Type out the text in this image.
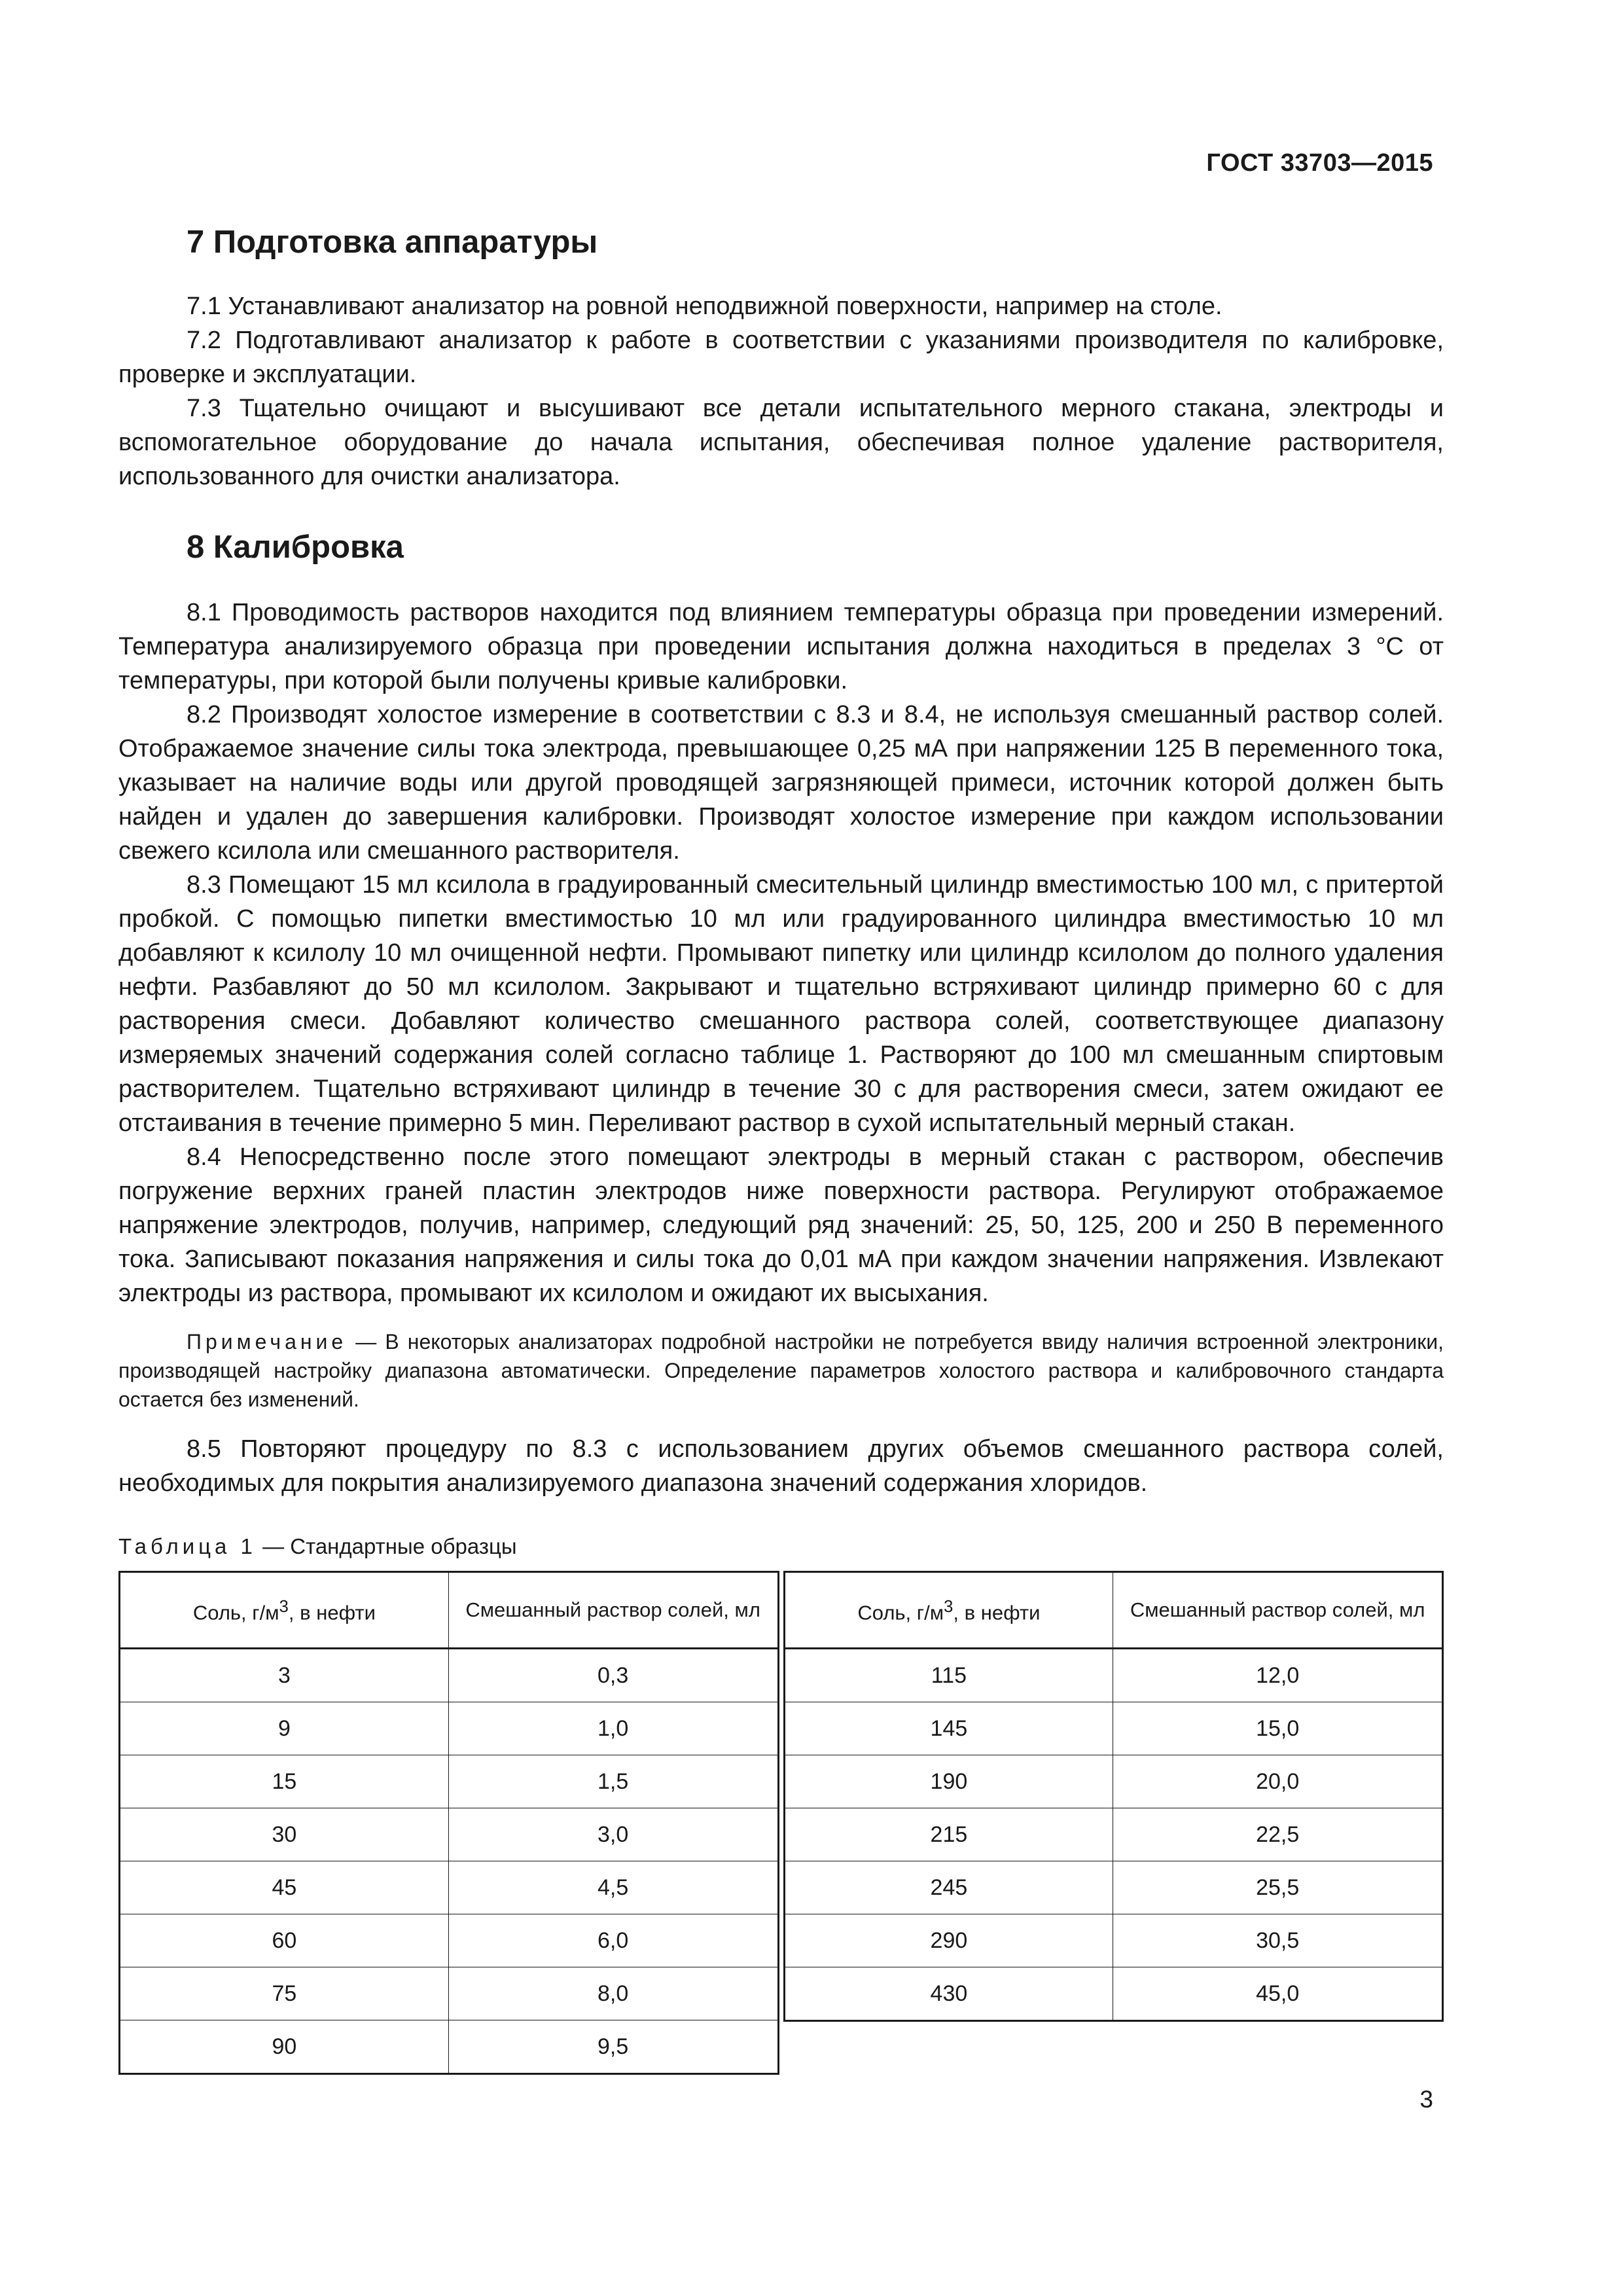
ГОСТ 33703—2015
7 Подготовка аппаратуры

7.1 Устанавливают анализатор на ровной неподвижной поверхности, например на столе.

7.2 Подготавливают анализатор к работе в соответствии с указаниями производителя по калибровке, проверке и эксплуатации.

7.3 Тщательно очищают и высушивают все детали испытательного мерного стакана, электроды и вспомогательное оборудование до начала испытания, обеспечивая полное удаление растворителя, использованного для очистки анализатора.

8 Калибровка

8.1 Проводимость растворов находится под влиянием температуры образца при проведении измерений. Температура анализируемого образца при проведении испытания должна находиться в пределах 3 °С от температуры, при которой были получены кривые калибровки.

8.2 Производят холостое измерение в соответствии с 8.3 и 8.4, не используя смешанный раствор солей. Отображаемое значение силы тока электрода, превышающее 0,25 мА при напряжении 125 В переменного тока, указывает на наличие воды или другой проводящей загрязняющей примеси, источник которой должен быть найден и удален до завершения калибровки. Производят холостое измерение при каждом использовании свежего ксилола или смешанного растворителя.

8.3 Помещают 15 мл ксилола в градуированный смесительный цилиндр вместимостью 100 мл, с притертой пробкой. С помощью пипетки вместимостью 10 мл или градуированного цилиндра вместимостью 10 мл добавляют к ксилолу 10 мл очищенной нефти. Промывают пипетку или цилиндр ксилолом до полного удаления нефти. Разбавляют до 50 мл ксилолом. Закрывают и тщательно встряхивают цилиндр примерно 60 с для растворения смеси. Добавляют количество смешанного раствора солей, соответствующее диапазону измеряемых значений содержания солей согласно таблице 1. Растворяют до 100 мл смешанным спиртовым растворителем. Тщательно встряхивают цилиндр в течение 30 с для растворения смеси, затем ожидают ее отстаивания в течение примерно 5 мин. Переливают раствор в сухой испытательный мерный стакан.

8.4 Непосредственно после этого помещают электроды в мерный стакан с раствором, обеспечив погружение верхних граней пластин электродов ниже поверхности раствора. Регулируют отображаемое напряжение электродов, получив, например, следующий ряд значений: 25, 50, 125, 200 и 250 В переменного тока. Записывают показания напряжения и силы тока до 0,01 мА при каждом значении напряжения. Извлекают электроды из раствора, промывают их ксилолом и ожидают их высыхания.

Примечание — В некоторых анализаторах подробной настройки не потребуется ввиду наличия встроенной электроники, производящей настройку диапазона автоматически. Определение параметров холостого раствора и калибровочного стандарта остается без изменений.

8.5 Повторяют процедуру по 8.3 с использованием других объемов смешанного раствора солей, необходимых для покрытия анализируемого диапазона значений содержания хлоридов.

Таблица 1 — Стандартные образцы
Соль, $г/м^3$, в нефти	Смешанный раствор солей, мл
3	0,3
9	1,0
15	1,5
30	3,0
45	4,5
60	6,0
75	8,0
90	9,5
Соль, $г/м^3$, в нефти	Смешанный раствор солей, мл
115	12,0
145	15,0
190	20,0
215	22,5
245	25,5
290	30,5
430	45,0
3
